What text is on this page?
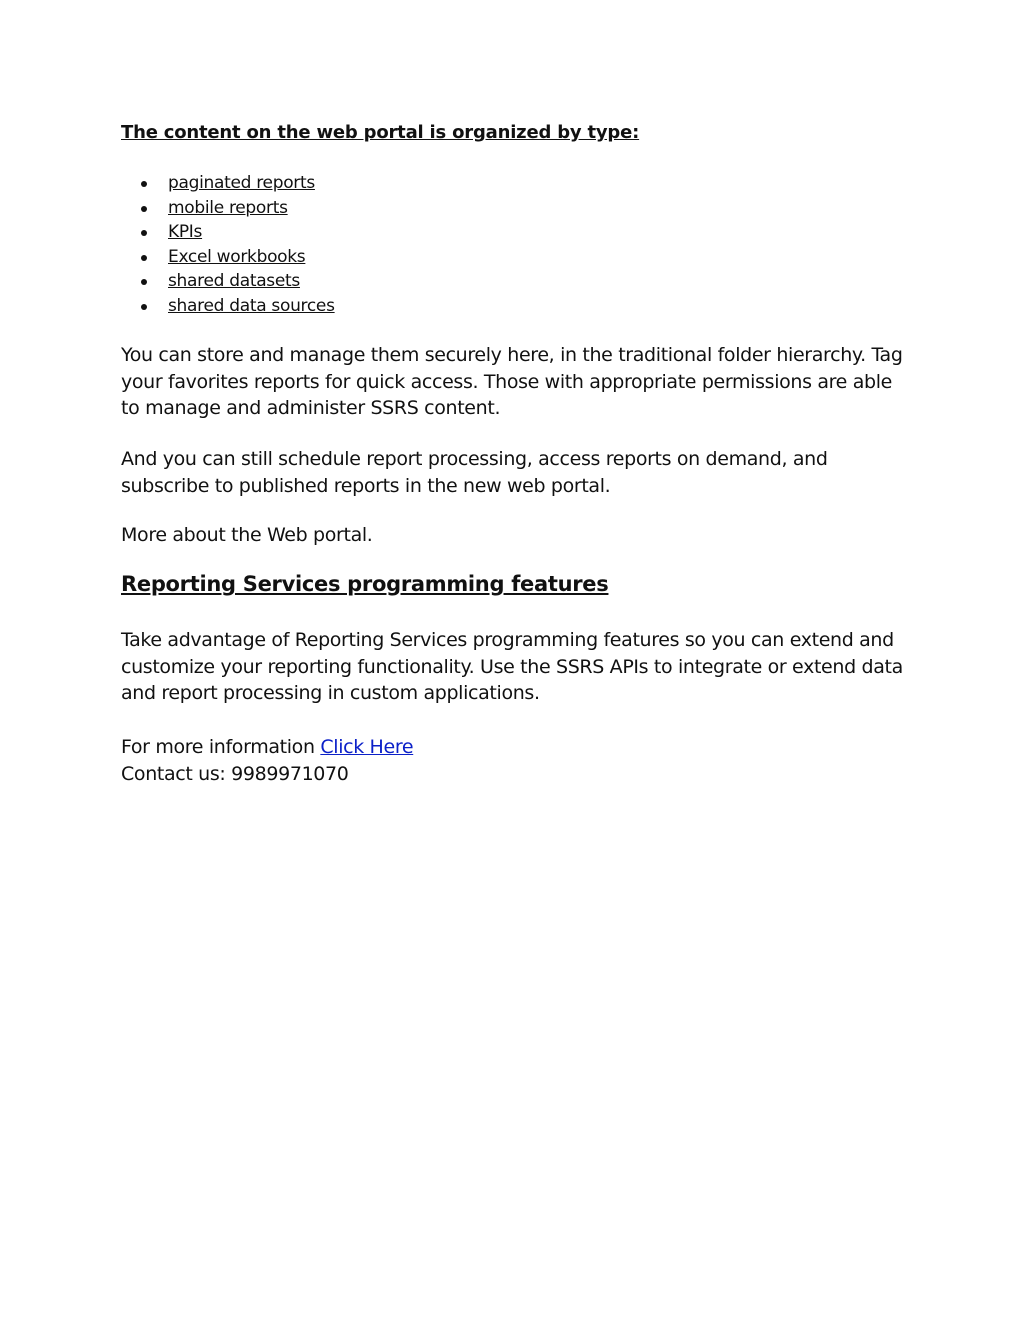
The content on the web portal is organized by type:
paginated reports
mobile reports
KPIs
Excel workbooks
shared datasets
shared data sources

You can store and manage them securely here, in the traditional folder hierarchy. Tag your favorites reports for quick access. Those with appropriate permissions are able to manage and administer SSRS content.

And you can still schedule report processing, access reports on demand, and subscribe to published reports in the new web portal.

More about the Web portal.

Reporting Services programming features

Take advantage of Reporting Services programming features so you can extend and customize your reporting functionality. Use the SSRS APIs to integrate or extend data and report processing in custom applications.

For more information Click Here
Contact us: 9989971070
